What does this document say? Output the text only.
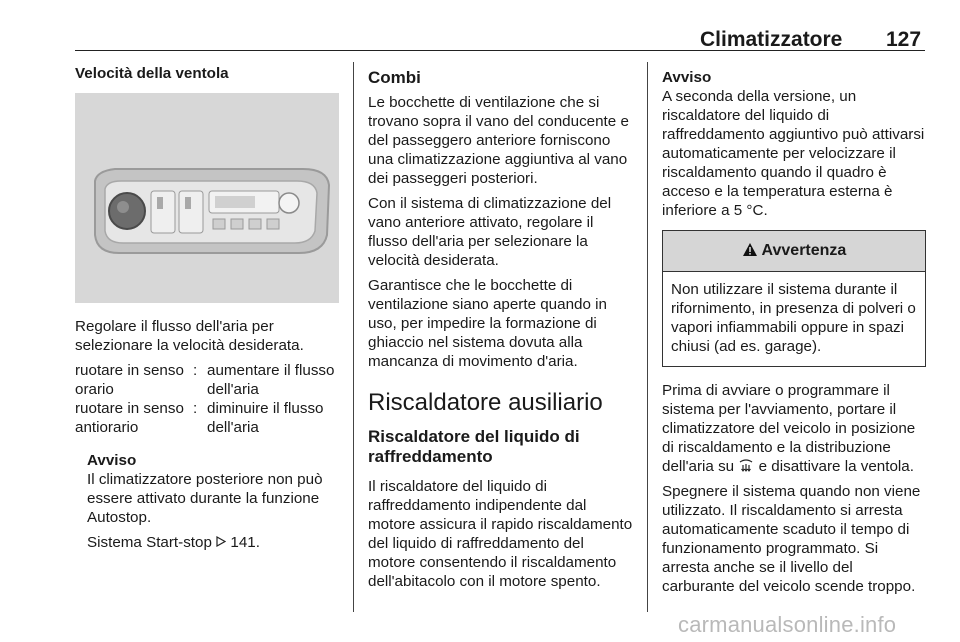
Climatizzatore 127
Velocità della ventola

Regolare il flusso dell'aria per selezionare la velocità desiderata.

ruotare in senso orario
: aumentare il flusso dell'aria
ruotare in senso antiorario
: diminuire il flusso dell'aria

Avviso

Il climatizzatore posteriore non può essere attivato durante la funzione Autostop.

Sistema Start-stop 141.

Combi

Le bocchette di ventilazione che si trovano sopra il vano del conducente e del passeggero anteriore forniscono una climatizzazione aggiuntiva al vano dei passeggeri posteriori.

Con il sistema di climatizzazione del vano anteriore attivato, regolare il flusso dell'aria per selezionare la velocità desiderata.

Garantisce che le bocchette di ventilazione siano aperte quando in uso, per impedire la formazione di ghiaccio nel sistema dovuta alla mancanza di movimento d'aria.

Riscaldatore ausiliario
Riscaldatore del liquido di raffreddamento

Il riscaldatore del liquido di raffreddamento indipendente dal motore assicura il rapido riscaldamento del liquido di raffreddamento del motore consentendo il riscaldamento dell'abitacolo con il motore spento.

Avviso

A seconda della versione, un riscaldatore del liquido di raffreddamento aggiuntivo può attivarsi automaticamente per velocizzare il riscaldamento quando il quadro è acceso e la temperatura esterna è inferiore a 5 °C.

Avvertenza
Non utilizzare il sistema durante il rifornimento, in presenza di polveri o vapori infiammabili oppure in spazi chiusi (ad es. garage).

Prima di avviare o programmare il sistema per l'avviamento, portare il climatizzatore del veicolo in posizione di riscaldamento e la distribuzione dell'aria su e disattivare la ventola.

Spegnere il sistema quando non viene utilizzato. Il riscaldamento si arresta automaticamente scaduto il tempo di funzionamento programmato. Si arresta anche se il livello del carburante del veicolo scende troppo.

carmanualsonline.info
